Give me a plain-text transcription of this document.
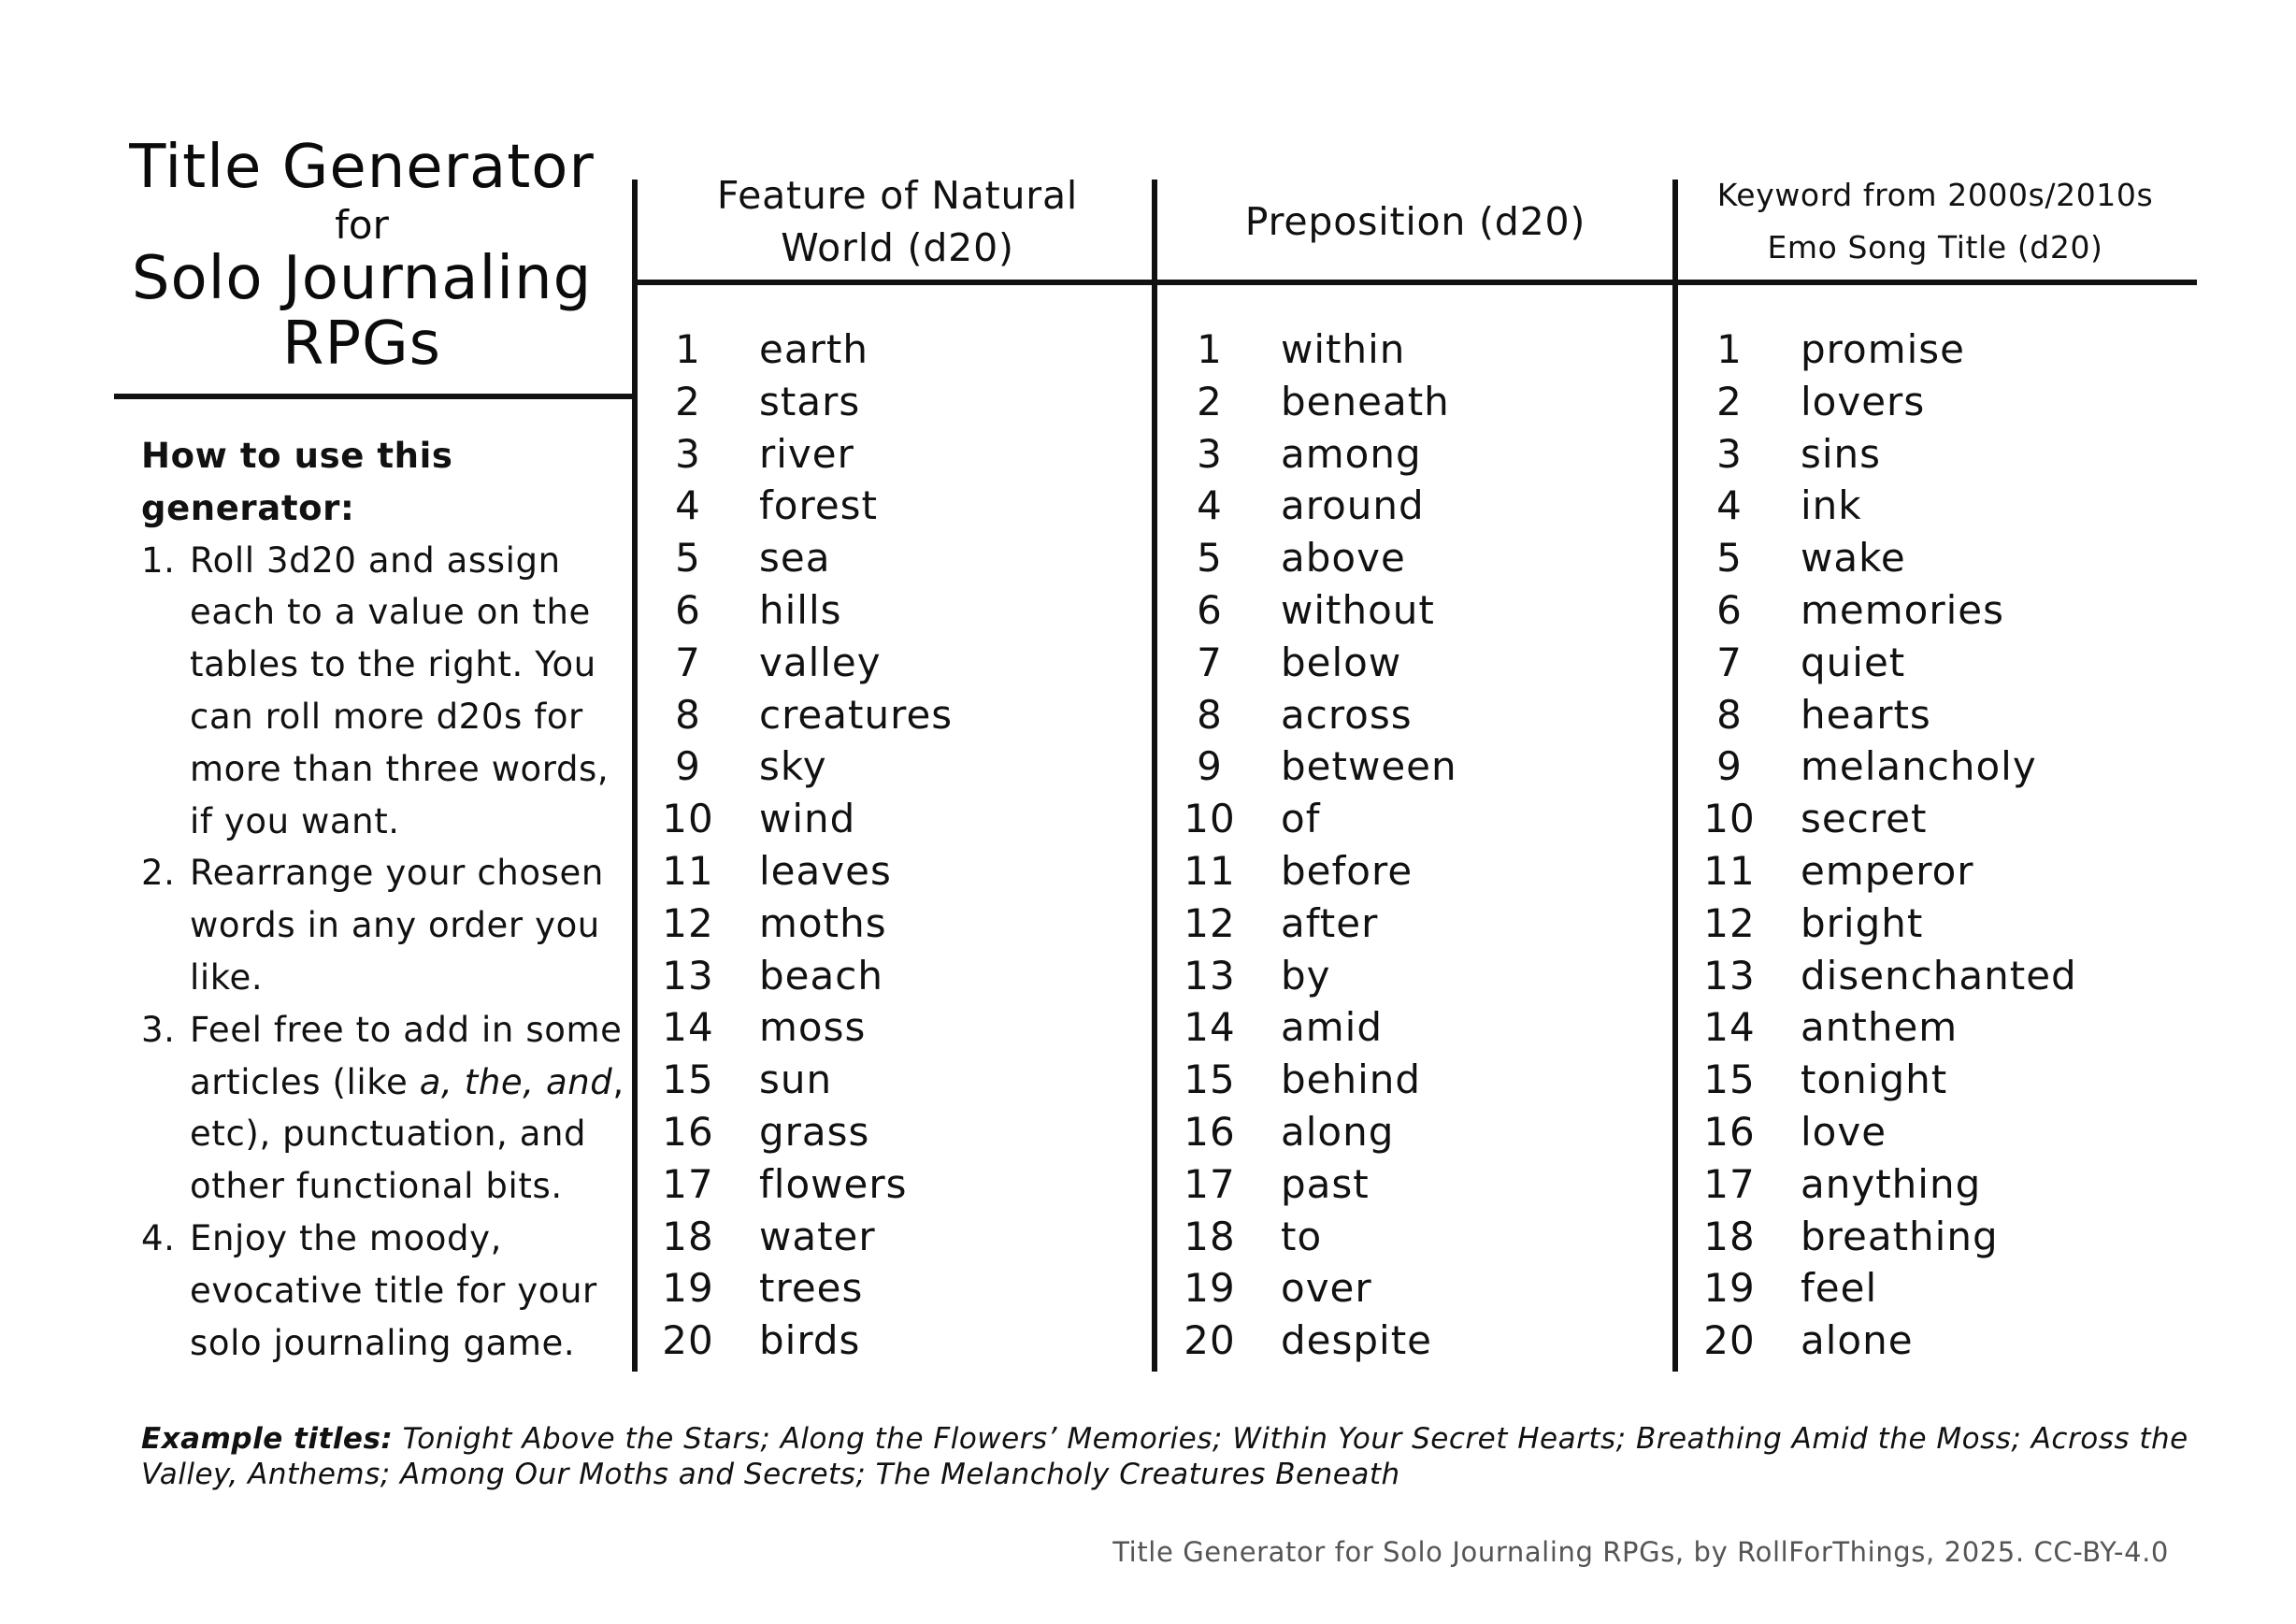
Title Generator
for
Solo Journaling
RPGs
How to use this
generator:
1. Roll 3d20 and assign
each to a value on the
tables to the right. You
can roll more d20s for
more than three words,
if you want.
2. Rearrange your chosen
words in any order you
like.
3. Feel free to add in some
articles (like a, the, and,
etc), punctuation, and
other functional bits.
4. Enjoy the moody,
evocative title for your
solo journaling game.
Feature of Natural
World (d20)
Preposition (d20)
Keyword from 2000s/2010s
Emo Song Title (d20)
1 earth
2 stars
3 river
4 forest
5 sea
6 hills
7 valley
8 creatures
9 sky
10 wind
11 leaves
12 moths
13 beach
14 moss
15 sun
16 grass
17 flowers
18 water
19 trees
20 birds
1 within
2 beneath
3 among
4 around
5 above
6 without
7 below
8 across
9 between
10 of
11 before
12 after
13 by
14 amid
15 behind
16 along
17 past
18 to
19 over
20 despite
1 promise
2 lovers
3 sins
4 ink
5 wake
6 memories
7 quiet
8 hearts
9 melancholy
10 secret
11 emperor
12 bright
13 disenchanted
14 anthem
15 tonight
16 love
17 anything
18 breathing
19 feel
20 alone
Example titles: Tonight Above the Stars; Along the Flowers’ Memories; Within Your Secret Hearts; Breathing Amid the Moss; Across the Valley, Anthems; Among Our Moths and Secrets; The Melancholy Creatures Beneath
Title Generator for Solo Journaling RPGs, by RollForThings, 2025. CC-BY-4.0
